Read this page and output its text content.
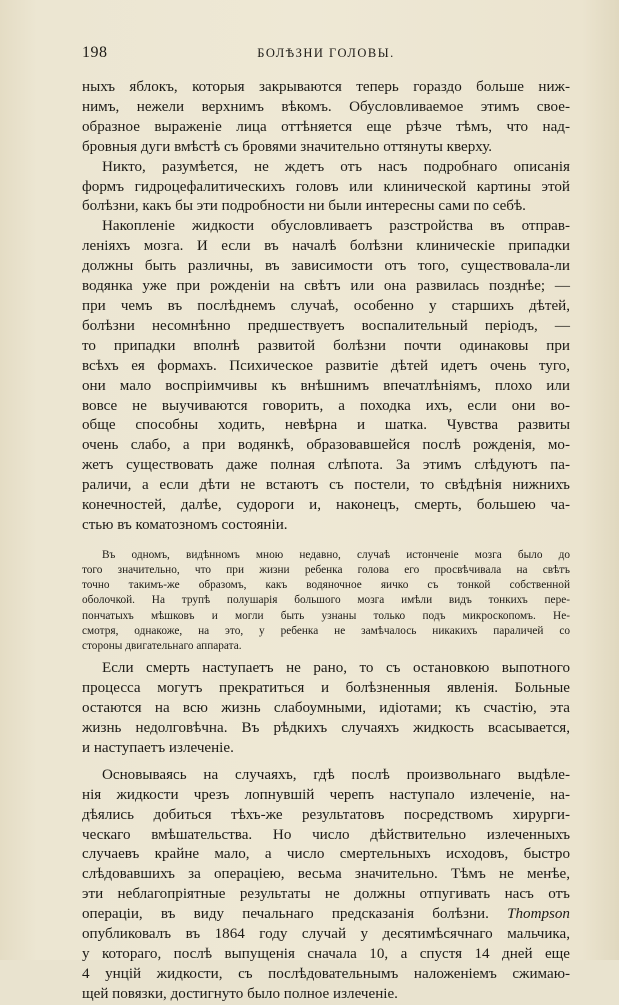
198	БОЛѢЗНИ ГОЛОВЫ.

ныхъ яблокъ, которыя закрываются теперь гораздо больше ниж-
нимъ, нежели верхнимъ вѣкомъ. Обусловливаемое этимъ свое-
образное выраженіе лица оттѣняется еще рѣзче тѣмъ, что над-
бровныя дуги вмѣстѣ съ бровями значительно оттянуты кверху.

Никто, разумѣется, не ждетъ отъ насъ подробнаго описанія
формъ гидроцефалитическихъ головъ или клинической картины этой
болѣзни, какъ бы эти подробности ни были интересны сами по себѣ.

Накопленіе жидкости обусловливаетъ разстройства въ отправ-
леніяхъ мозга. И если въ началѣ болѣзни клиническіе припадки
должны быть различны, въ зависимости отъ того, существовала-ли
водянка уже при рожденіи на свѣтъ или она развилась позднѣе; —
при чемъ въ послѣднемъ случаѣ, особенно у старшихъ дѣтей,
болѣзни несомнѣнно предшествуетъ воспалительный періодъ, —
то припадки вполнѣ развитой болѣзни почти одинаковы при
всѣхъ ея формахъ. Психическое развитіе дѣтей идетъ очень туго,
они мало воспріимчивы къ внѣшнимъ впечатлѣніямъ, плохо или
вовсе не выучиваются говорить, а походка ихъ, если они во-
обще способны ходить, невѣрна и шатка. Чувства развиты
очень слабо, а при водянкѣ, образовавшейся послѣ рожденія, мо-
жетъ существовать даже полная слѣпота. За этимъ слѣдуютъ па-
раличи, а если дѣти не встаютъ съ постели, то свѣдѣнія нижнихъ
конечностей, далѣе, судороги и, наконецъ, смерть, большею ча-
стью въ коматозномъ состояніи.

Въ одномъ, видѣнномъ мною недавно, случаѣ истонченіе мозга было до
того значительно, что при жизни ребенка голова его просвѣчивала на свѣтъ
точно такимъ-же образомъ, какъ водяночное яичко съ тонкой собственной
оболочкой. На трупѣ полушарія большого мозга имѣли видъ тонкихъ пере-
пончатыхъ мѣшковъ и могли быть узнаны только подъ микроскопомъ. Не-
смотря, однакоже, на это, у ребенка не замѣчалось никакихъ параличей со
стороны двигательнаго аппарата.

Если смерть наступаетъ не рано, то съ остановкою выпотного
процесса могутъ прекратиться и болѣзненныя явленія. Больные
остаются на всю жизнь слабоумными, идіотами; къ счастію, эта
жизнь недолговѣчна. Въ рѣдкихъ случаяхъ жидкость всасывается,
и наступаетъ излеченіе.

Основываясь на случаяхъ, гдѣ послѣ произвольнаго выдѣле-
нія жидкости чрезъ лопнувшій черепъ наступало излеченіе, на-
дѣялись добиться тѣхъ-же результатовъ посредствомъ хирурги-
ческаго вмѣшательства. Но число дѣйствительно излеченныхъ
случаевъ крайне мало, а число смертельныхъ исходовъ, быстро
слѣдовавшихъ за операціею, весьма значительно. Тѣмъ не менѣе,
эти неблагопріятные результаты не должны отпугивать насъ отъ
операціи, въ виду печальнаго предсказанія болѣзни. Thompson
опубликовалъ въ 1864 году случай у десятимѣсячнаго мальчика,
у котораго, послѣ выпущенія сначала 10, а спустя 14 дней еще
4 унцій жидкости, съ послѣдовательнымъ наложеніемъ сжимаю-
щей повязки, достигнуто было полное излеченіе.
